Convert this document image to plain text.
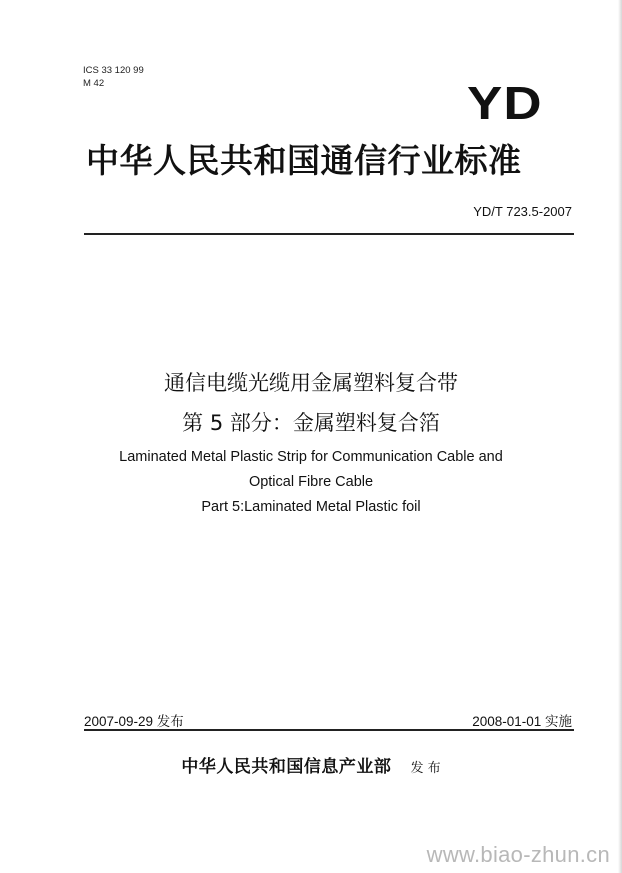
ICS 33 120 99
M 42	YD
中华人民共和国通信行业标准
YD/T 723.5-2007
通信电缆光缆用金属塑料复合带
第 5 部分：金属塑料复合箔
Laminated Metal Plastic Strip for Communication Cable and
Optical Fibre Cable
Part 5:Laminated Metal Plastic foil
2007-09-29 发布	2008-01-01 实施
中华人民共和国信息产业部 发 布
www.biao-zhun.cn
